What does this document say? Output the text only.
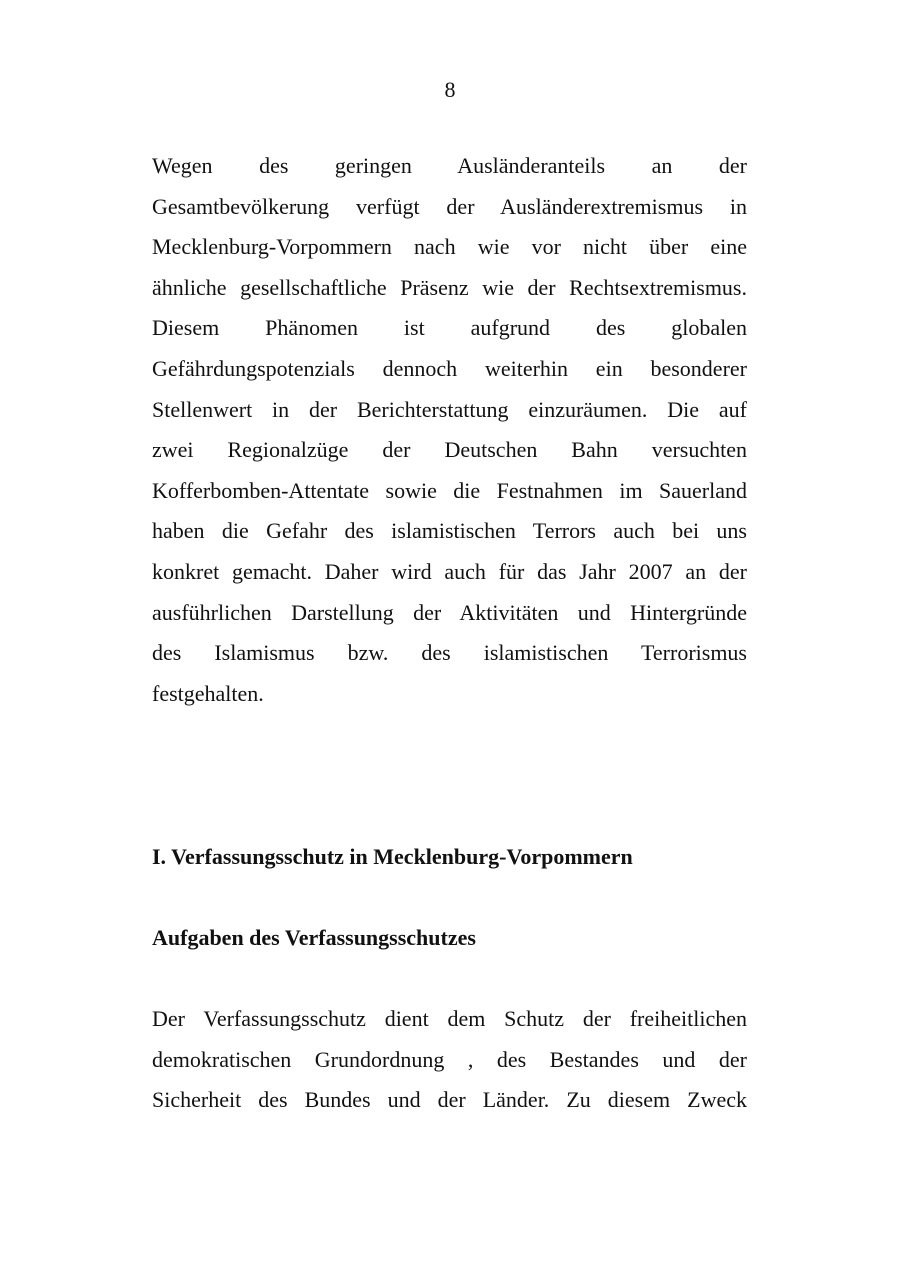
8
Wegen des geringen Ausländeranteils an der
Gesamtbevölkerung verfügt der Ausländerextremismus in
Mecklenburg-Vorpommern nach wie vor nicht über eine
ähnliche gesellschaftliche Präsenz wie der Rechtsextremismus.
Diesem Phänomen ist aufgrund des globalen
Gefährdungspotenzials dennoch weiterhin ein besonderer
Stellenwert in der Berichterstattung einzuräumen. Die auf
zwei Regionalzüge der Deutschen Bahn versuchten
Kofferbomben-Attentate sowie die Festnahmen im Sauerland
haben die Gefahr des islamistischen Terrors auch bei uns
konkret gemacht. Daher wird auch für das Jahr 2007 an der
ausführlichen Darstellung der Aktivitäten und Hintergründe
des Islamismus bzw. des islamistischen Terrorismus
festgehalten.
I. Verfassungsschutz in Mecklenburg-Vorpommern
Aufgaben des Verfassungsschutzes
Der Verfassungsschutz dient dem Schutz der freiheitlichen
demokratischen Grundordnung , des Bestandes und der
Sicherheit des Bundes und der Länder. Zu diesem Zweck
